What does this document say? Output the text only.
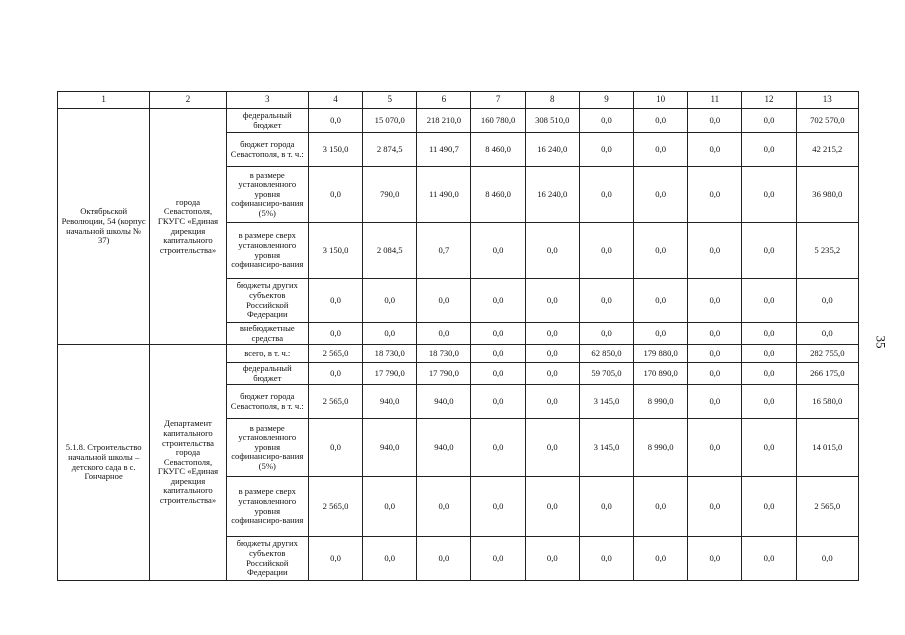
1	2	3	4	5	6	7	8	9	10	11	12	13
Октябрьской Революции, 54 (корпус начальной школы № 37)	города Севастополя, ГКУГС «Единая дирекция капитального строительства»	федеральный бюджет	0,0	15 070,0	218 210,0	160 780,0	308 510,0	0,0	0,0	0,0	0,0	702 570,0
		бюджет города Севастополя, в т. ч.:	3 150,0	2 874,5	11 490,7	8 460,0	16 240,0	0,0	0,0	0,0	0,0	42 215,2
		в размере установленного уровня софинансиро-вания (5%)	0,0	790,0	11 490,0	8 460,0	16 240,0	0,0	0,0	0,0	0,0	36 980,0
		в размере сверх установленного уровня софинансиро-вания	3 150,0	2 084,5	0,7	0,0	0,0	0,0	0,0	0,0	0,0	5 235,2
		бюджеты других субъектов Российской Федерации	0,0	0,0	0,0	0,0	0,0	0,0	0,0	0,0	0,0	0,0
		внебюджетные средства	0,0	0,0	0,0	0,0	0,0	0,0	0,0	0,0	0,0	0,0
5.1.8. Строительство начальной школы – детского сада в с. Гончарное	Департамент капитального строительства города Севастополя, ГКУГС «Единая дирекция капитального строительства»	всего, в т. ч.:	2 565,0	18 730,0	18 730,0	0,0	0,0	62 850,0	179 880,0	0,0	0,0	282 755,0
		федеральный бюджет	0,0	17 790,0	17 790,0	0,0	0,0	59 705,0	170 890,0	0,0	0,0	266 175,0
		бюджет города Севастополя, в т. ч.:	2 565,0	940,0	940,0	0,0	0,0	3 145,0	8 990,0	0,0	0,0	16 580,0
		в размере установленного уровня софинансиро-вания (5%)	0,0	940,0	940,0	0,0	0,0	3 145,0	8 990,0	0,0	0,0	14 015,0
		в размере сверх установленного уровня софинансиро-вания	2 565,0	0,0	0,0	0,0	0,0	0,0	0,0	0,0	0,0	2 565,0
		бюджеты других субъектов Российской Федерации	0,0	0,0	0,0	0,0	0,0	0,0	0,0	0,0	0,0	0,0
35
